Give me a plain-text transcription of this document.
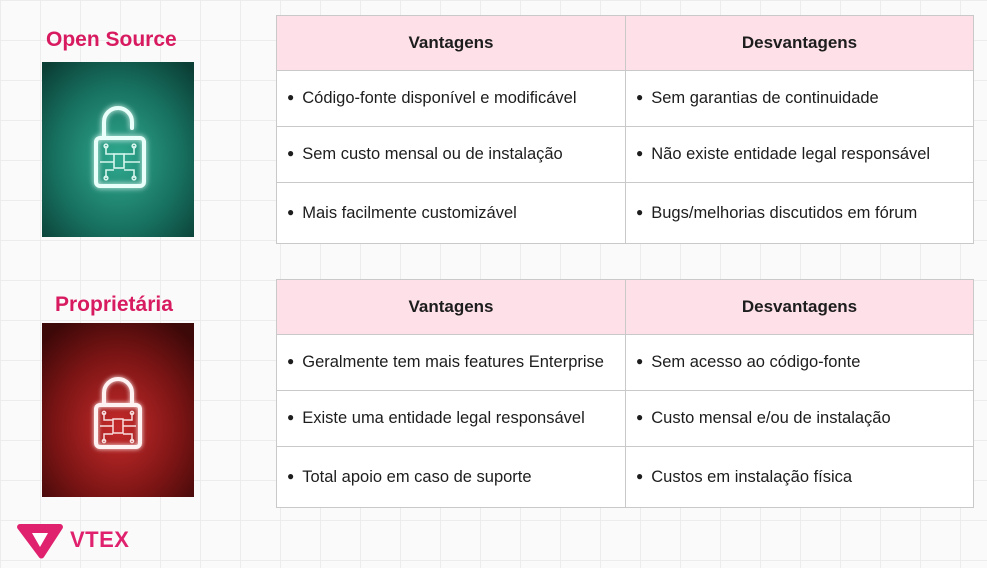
Open Source	Vantagens	Desvantagens
● Código-fonte disponível e modificável	● Sem garantias de continuidade
● Sem custo mensal ou de instalação	● Não existe entidade legal responsável
● Mais facilmente customizável	● Bugs/melhorias discutidos em fórum
Proprietária	Vantagens	Desvantagens
● Geralmente tem mais features Enterprise	● Sem acesso ao código-fonte
● Existe uma entidade legal responsável	● Custo mensal e/ou de instalação
● Total apoio em caso de suporte	● Custos em instalação física
VTEX
